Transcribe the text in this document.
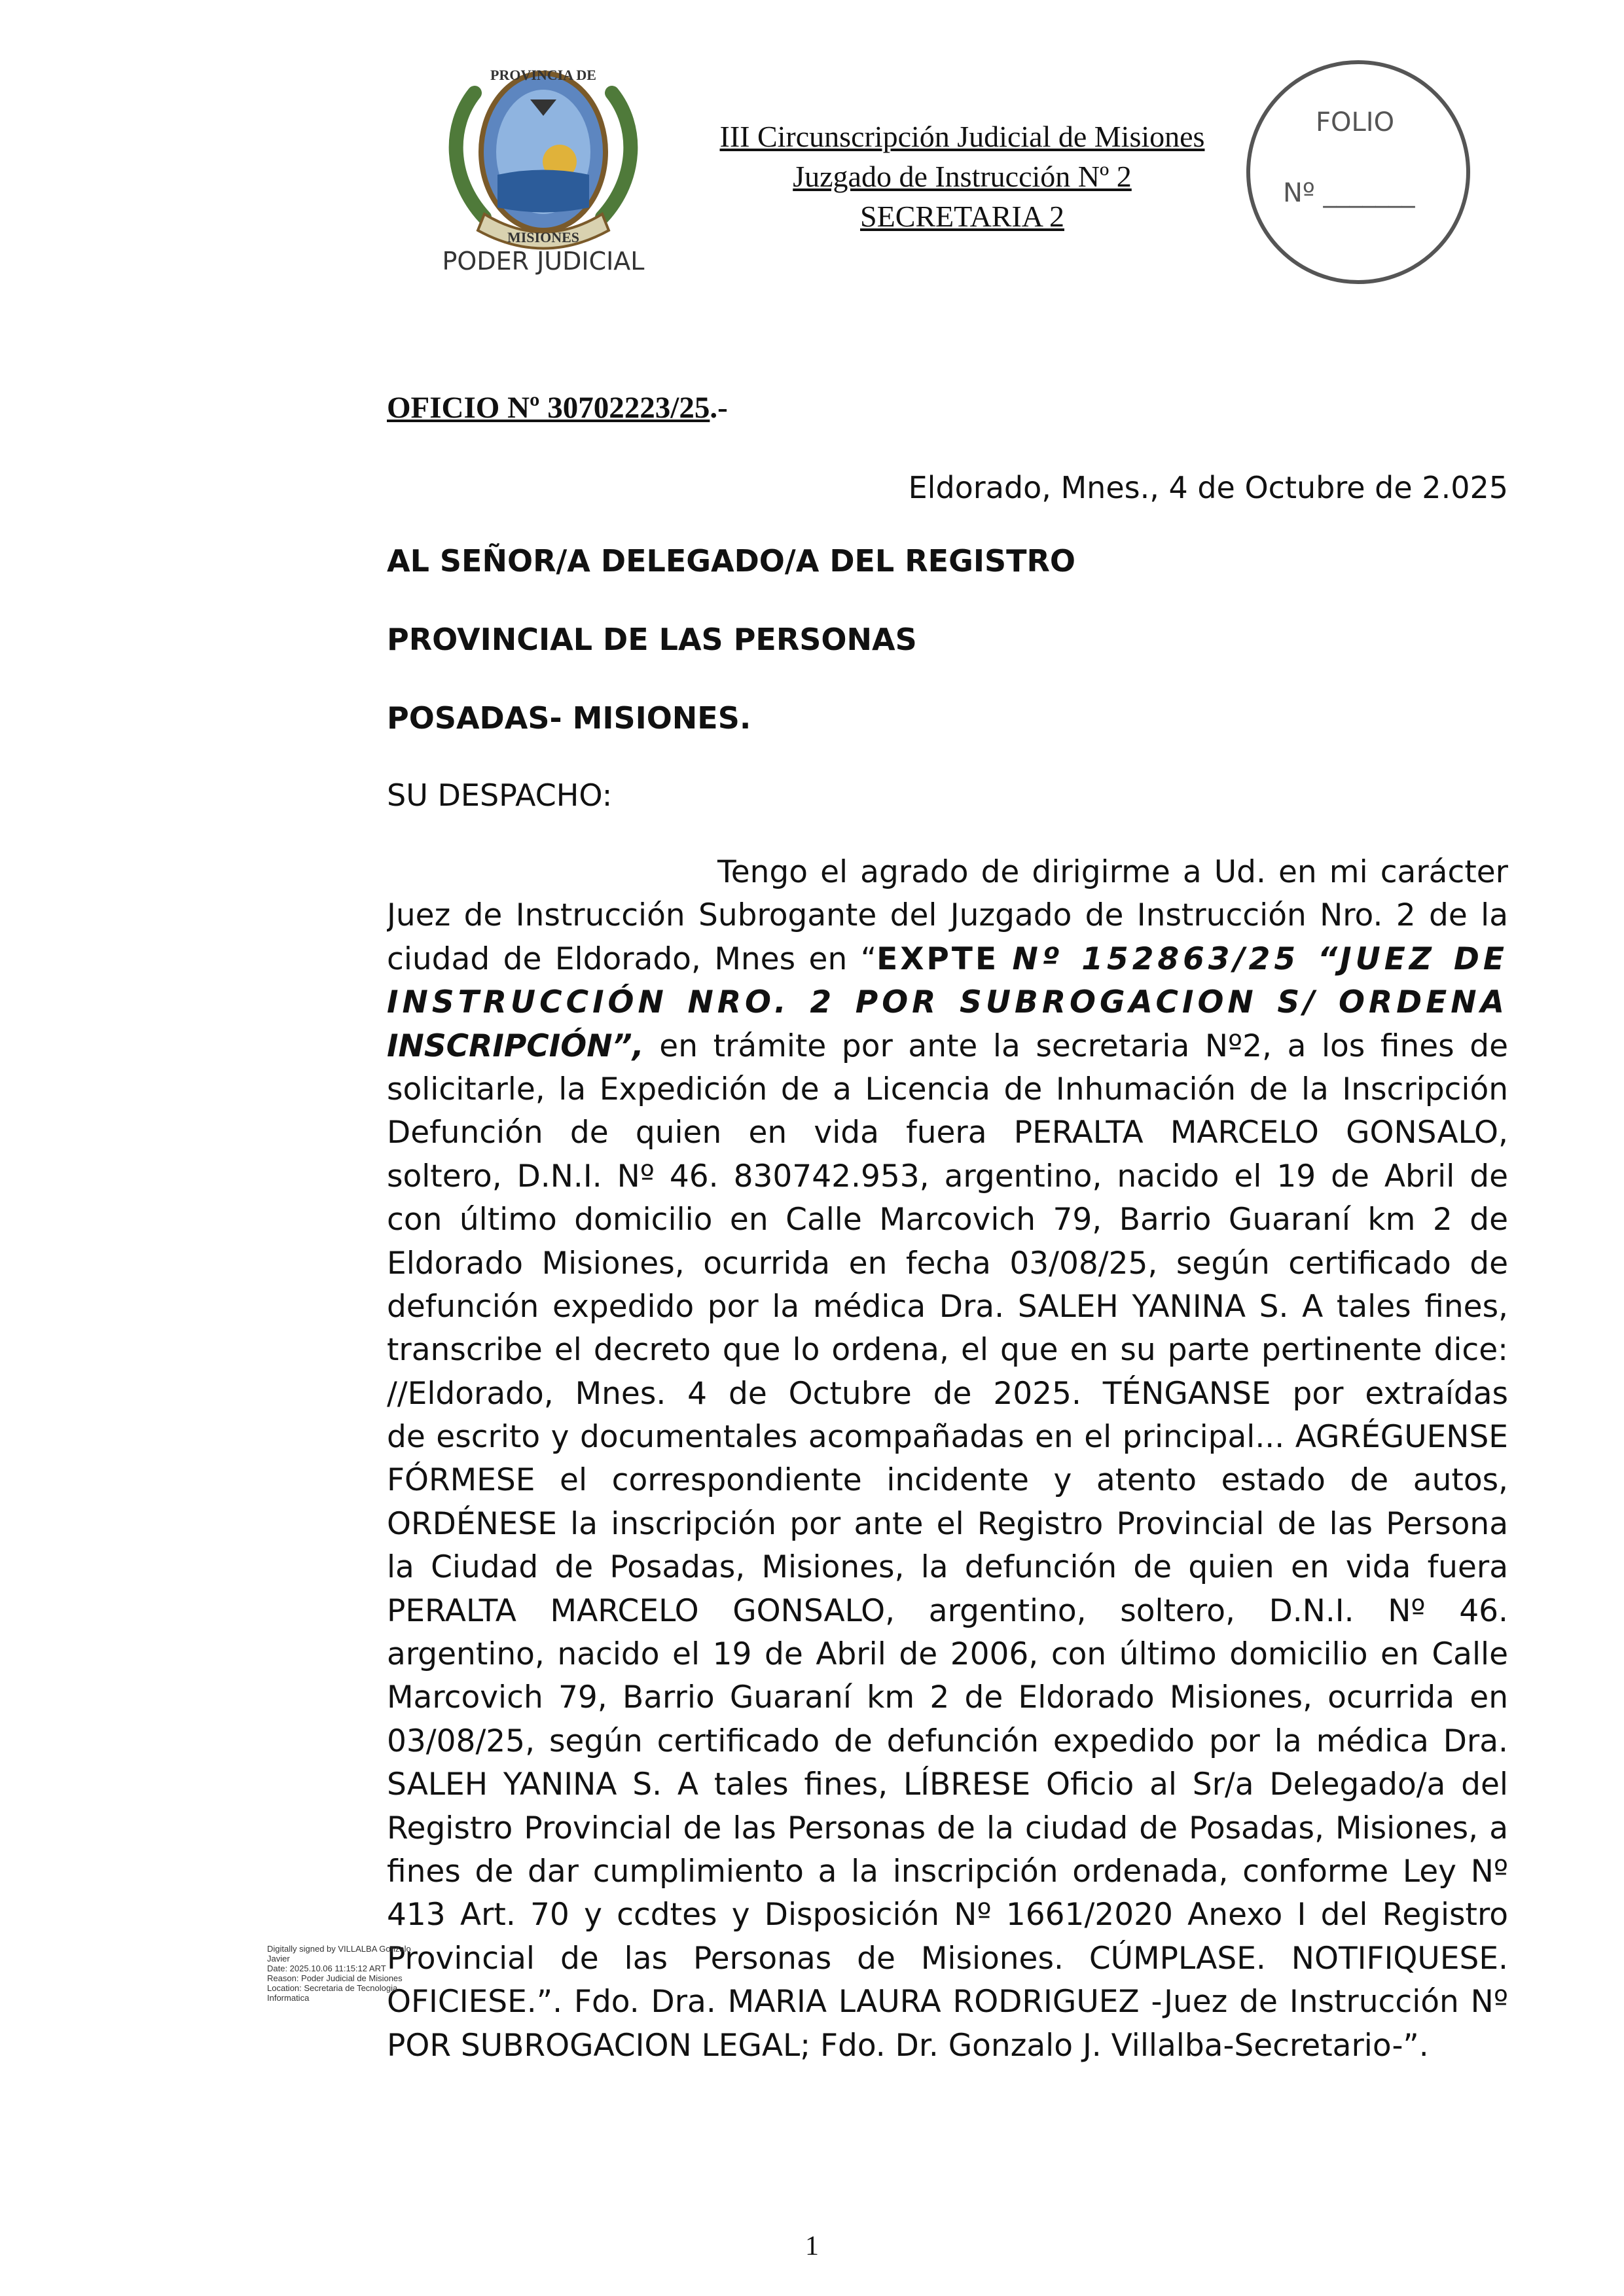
PROVINCIA DE
MISIONES
PODER JUDICIAL
III Circunscripción Judicial de Misiones
Juzgado de Instrucción Nº 2
SECRETARIA 2
FOLIO
Nº _______
OFICIO Nº 30702223/25.-
Eldorado, Mnes., 4 de Octubre de 2.025
AL SEÑOR/A DELEGADO/A DEL REGISTRO
PROVINCIAL DE LAS PERSONAS
POSADAS- MISIONES.
SU DESPACHO:
Tengo el agrado de dirigirme a Ud. en mi carácter
Juez de Instrucción Subrogante del Juzgado de Instrucción Nro. 2 de la
ciudad de Eldorado, Mnes en “EXPTE Nº 152863/25 “JUEZ DE
INSTRUCCIÓN NRO. 2 POR SUBROGACION S/ ORDENA
INSCRIPCIÓN”, en trámite por ante la secretaria Nº2, a los fines de
solicitarle, la Expedición de a Licencia de Inhumación de la Inscripción
Defunción de quien en vida fuera PERALTA MARCELO GONSALO,
soltero, D.N.I. Nº 46. 830742.953, argentino, nacido el 19 de Abril de
con último domicilio en Calle Marcovich 79, Barrio Guaraní km 2 de
Eldorado Misiones, ocurrida en fecha 03/08/25, según certificado de
defunción expedido por la médica Dra. SALEH YANINA S. A tales fines,
transcribe el decreto que lo ordena, el que en su parte pertinente dice:
//Eldorado, Mnes. 4 de Octubre de 2025. TÉNGANSE por extraídas
de escrito y documentales acompañadas en el principal... AGRÉGUENSE
FÓRMESE el correspondiente incidente y atento estado de autos,
ORDÉNESE la inscripción por ante el Registro Provincial de las Persona
la Ciudad de Posadas, Misiones, la defunción de quien en vida fuera
PERALTA MARCELO GONSALO, argentino, soltero, D.N.I. Nº 46.
argentino, nacido el 19 de Abril de 2006, con último domicilio en Calle
Marcovich 79, Barrio Guaraní km 2 de Eldorado Misiones, ocurrida en
03/08/25, según certificado de defunción expedido por la médica Dra.
SALEH YANINA S. A tales fines, LÍBRESE Oficio al Sr/a Delegado/a del
Registro Provincial de las Personas de la ciudad de Posadas, Misiones, a
fines de dar cumplimiento a la inscripción ordenada, conforme Ley Nº
413 Art. 70 y ccdtes y Disposición Nº 1661/2020 Anexo I del Registro
Provincial de las Personas de Misiones. CÚMPLASE. NOTIFIQUESE.
OFICIESE.”. Fdo. Dra. MARIA LAURA RODRIGUEZ -Juez de Instrucción Nº
POR SUBROGACION LEGAL; Fdo. Dr. Gonzalo J. Villalba-Secretario-”.
Digitally signed by VILLALBA Gonzalo
Javier
Date: 2025.10.06 11:15:12 ART
Reason: Poder Judicial de Misiones
Location: Secretaria de Tecnologia
Informatica
1
